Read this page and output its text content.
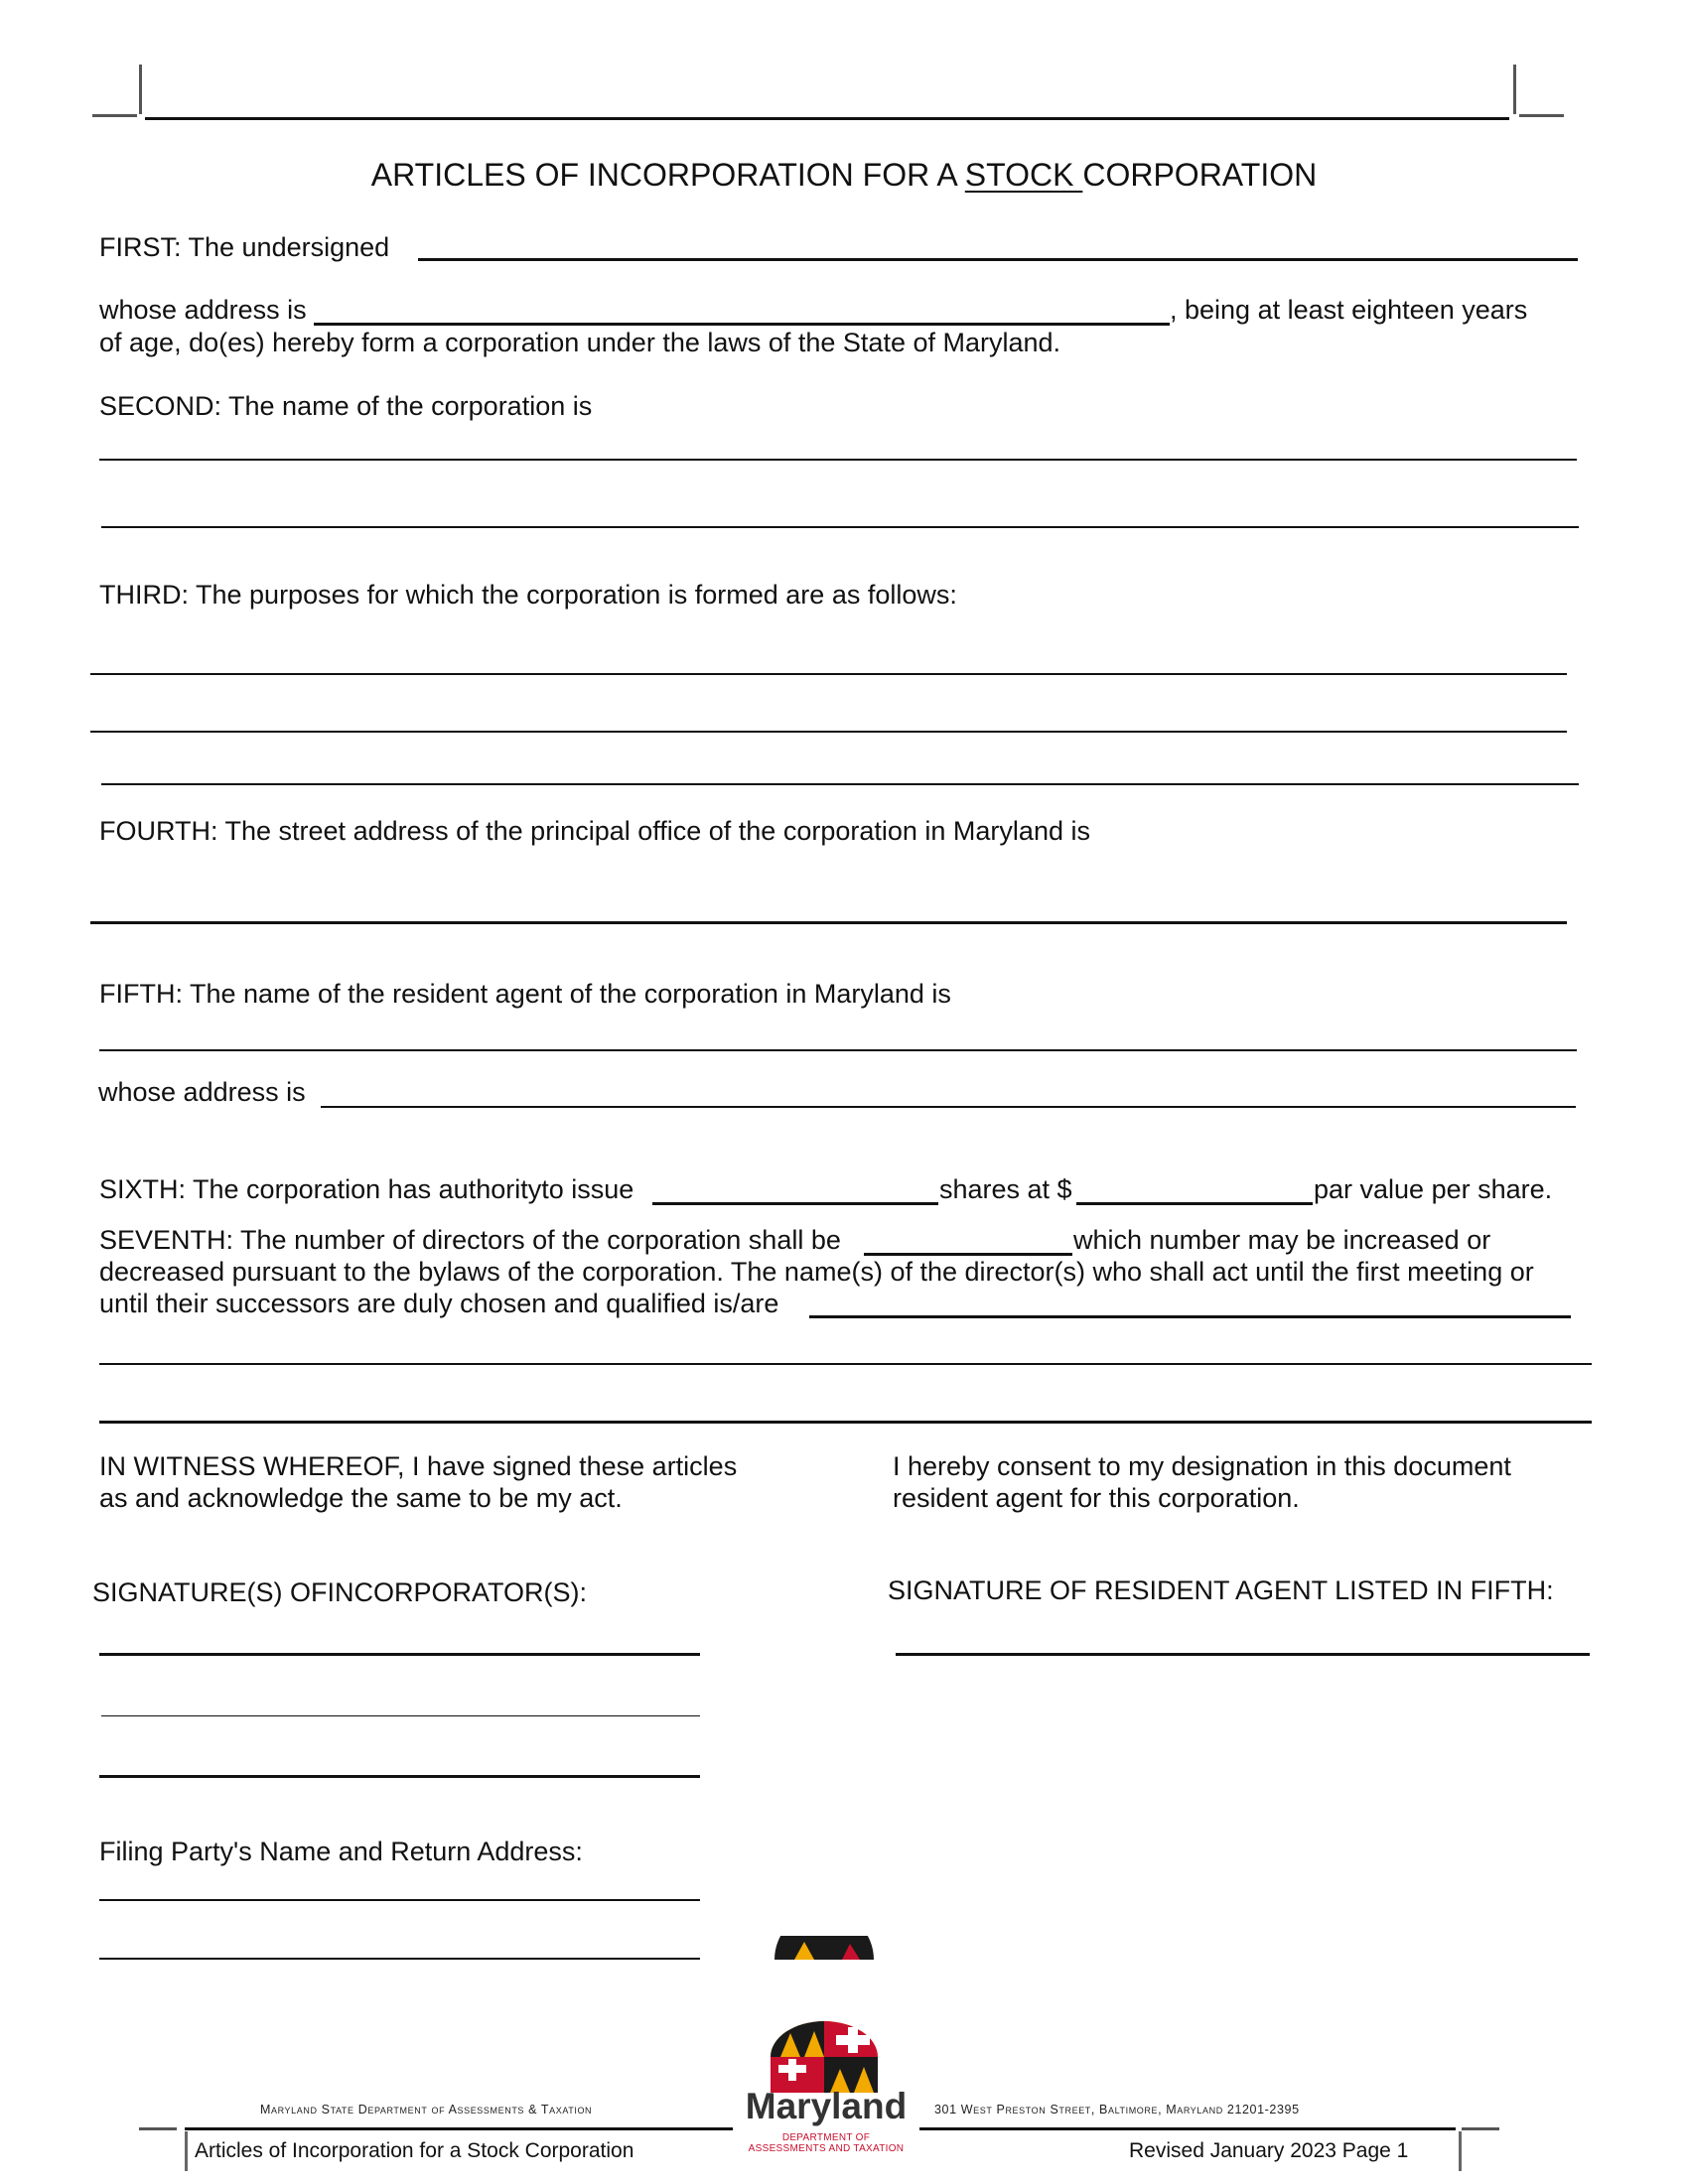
ARTICLES OF INCORPORATION FOR A STOCK CORPORATION
FIRST: The undersigned
whose address is	, being at least eighteen years
of age, do(es) hereby form a corporation under the laws of the State of Maryland.
SECOND: The name of the corporation is
THIRD: The purposes for which the corporation is formed are as follows:
FOURTH: The street address of the principal office of the corporation in Maryland is
FIFTH: The name of the resident agent of the corporation in Maryland is
whose address is
SIXTH: The corporation has authorityto issue	shares at $	par value per share.
SEVENTH: The number of directors of the corporation shall be	which number may be increased or
decreased pursuant to the bylaws of the corporation. The name(s) of the director(s) who shall act until the first meeting or
until their successors are duly chosen and qualified is/are
IN WITNESS WHEREOF, I have signed these articles
as and acknowledge the same to be my act.
I hereby consent to my designation in this document
resident agent for this corporation.
SIGNATURE(S) OFINCORPORATOR(S):	SIGNATURE OF RESIDENT AGENT LISTED IN FIFTH:
Filing Party's Name and Return Address:
Maryland
DEPARTMENT OF
ASSESSMENTS AND TAXATION
Maryland State Department of Assessments & Taxation	301 West Preston Street, Baltimore, Maryland 21201-2395
Articles of Incorporation for a Stock Corporation	Revised January 2023 Page 1
